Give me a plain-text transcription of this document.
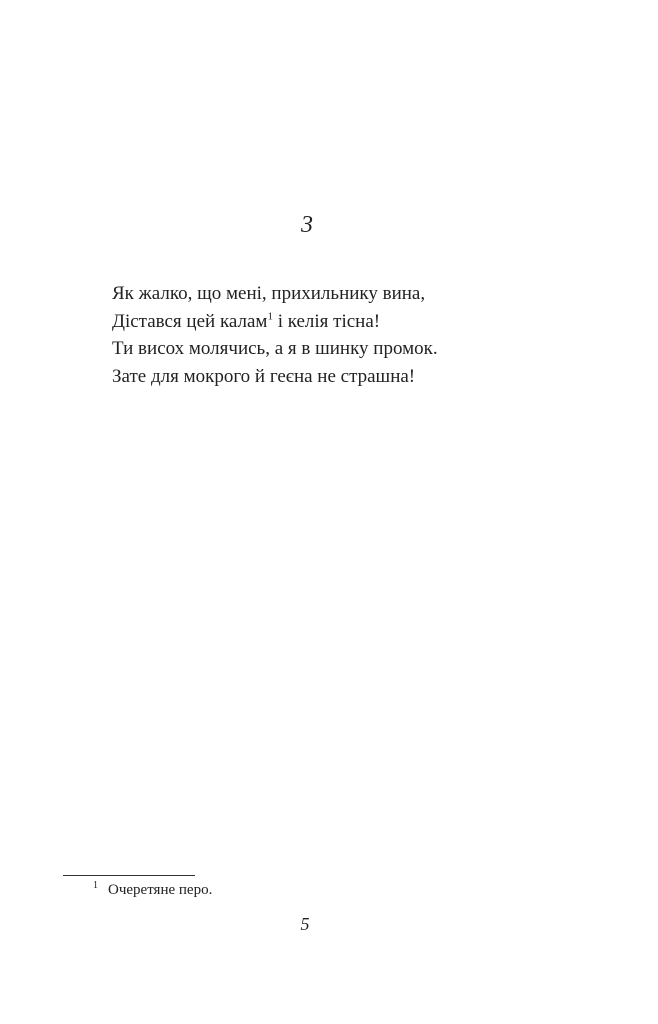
3
Як жалко, що мені, прихильнику вина,
Дістався цей калам$^1$ і келія тісна!
Ти висох молячись, а я в шинку промок.
Зате для мокрого й геєна не страшна!
$^1$ Очеретяне перо.
5
